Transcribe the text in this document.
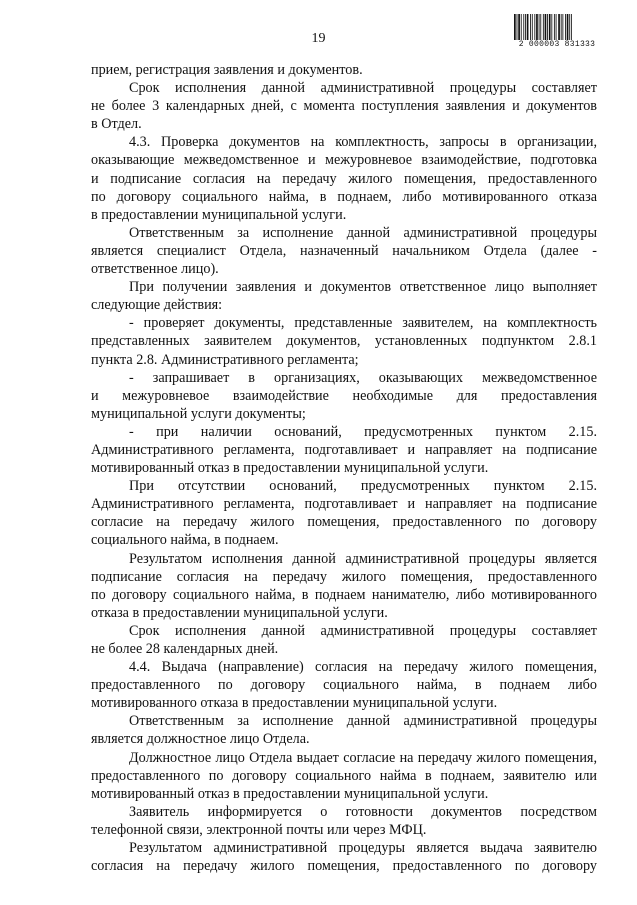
19	2 000003 831333
прием, регистрация заявления и документов.
Срок исполнения данной административной процедуры составляет
не более 3 календарных дней, с момента поступления заявления и документов
в Отдел.
4.3. Проверка документов на комплектность, запросы в организации,
оказывающие межведомственное и межуровневое взаимодействие, подготовка
и подписание согласия на передачу жилого помещения, предоставленного
по договору социального найма, в поднаем, либо мотивированного отказа
в предоставлении муниципальной услуги.
Ответственным за исполнение данной административной процедуры
является специалист Отдела, назначенный начальником Отдела (далее -
ответственное лицо).
При получении заявления и документов ответственное лицо выполняет
следующие действия:
- проверяет документы, представленные заявителем, на комплектность
представленных заявителем документов, установленных подпунктом 2.8.1
пункта 2.8. Административного регламента;
- запрашивает в организациях, оказывающих межведомственное
и межуровневое взаимодействие необходимые для предоставления
муниципальной услуги документы;
- при наличии оснований, предусмотренных пунктом 2.15.
Административного регламента, подготавливает и направляет на подписание
мотивированный отказ в предоставлении муниципальной услуги.
При отсутствии оснований, предусмотренных пунктом 2.15.
Административного регламента, подготавливает и направляет на подписание
согласие на передачу жилого помещения, предоставленного по договору
социального найма, в поднаем.
Результатом исполнения данной административной процедуры является
подписание согласия на передачу жилого помещения, предоставленного
по договору социального найма, в поднаем нанимателю, либо мотивированного
отказа в предоставлении муниципальной услуги.
Срок исполнения данной административной процедуры составляет
не более 28 календарных дней.
4.4. Выдача (направление) согласия на передачу жилого помещения,
предоставленного по договору социального найма, в поднаем либо
мотивированного отказа в предоставлении муниципальной услуги.
Ответственным за исполнение данной административной процедуры
является должностное лицо Отдела.
Должностное лицо Отдела выдает согласие на передачу жилого помещения,
предоставленного по договору социального найма в поднаем, заявителю или
мотивированный отказ в предоставлении муниципальной услуги.
Заявитель информируется о готовности документов посредством
телефонной связи, электронной почты или через МФЦ.
Результатом административной процедуры является выдача заявителю
согласия на передачу жилого помещения, предоставленного по договору
